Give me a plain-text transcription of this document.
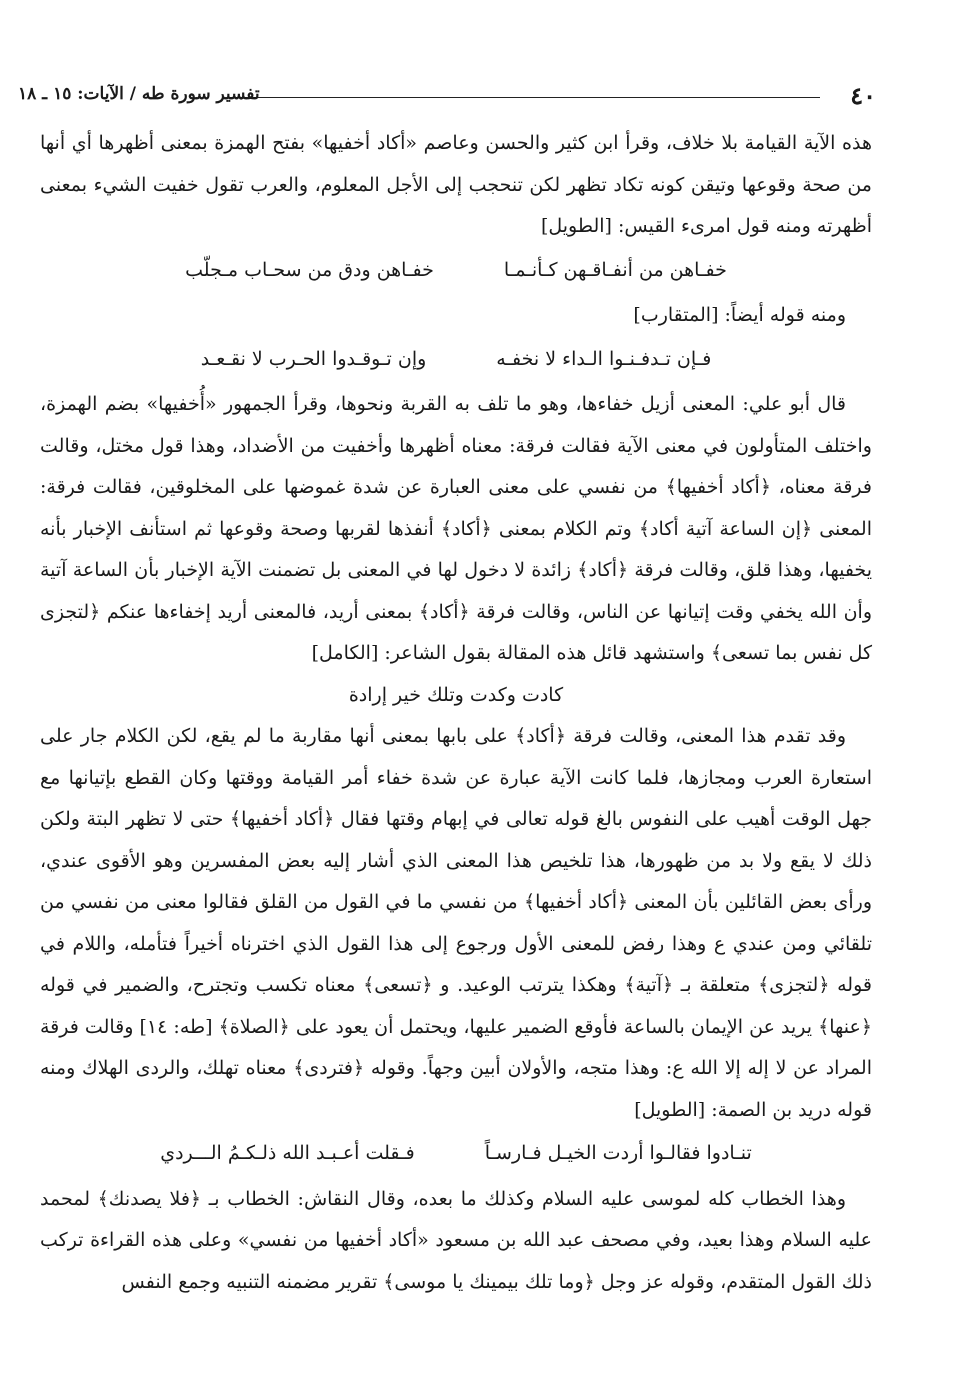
٤٠
تفسير سورة طه / الآيات: ١٥ ـ ١٨

هذه الآية القيامة بلا خلاف، وقرأ ابن كثير والحسن وعاصم «أكاد أخفيها» بفتح الهمزة بمعنى أظهرها أي أنها من صحة وقوعها وتيقن كونه تكاد تظهر لكن تنحجب إلى الأجل المعلوم، والعرب تقول خفيت الشيء بمعنى أظهرته ومنه قول امرىء القيس: [الطويل]

خفـاهن من أنفـاقـهن كـأنـمـا
خفـاهن ودق من سحـاب مـجلّب

ومنه قوله أيضاً: [المتقارب]

فـإن تـدفـنـوا الـداء لا نخفـه
وإن تـوقـدوا الحـرب لا نقـعـد

قال أبو علي: المعنى أزيل خفاءها، وهو ما تلف به القربة ونحوها، وقرأ الجمهور «أُخفيها» بضم الهمزة، واختلف المتأولون في معنى الآية فقالت فرقة: معناه أظهرها وأخفيت من الأضداد، وهذا قول مختل، وقالت فرقة معناه، ﴿أكاد أخفيها﴾ من نفسي على معنى العبارة عن شدة غموضها على المخلوقين، فقالت فرقة: المعنى ﴿إن الساعة آتية أكاد﴾ وتم الكلام بمعنى ﴿أكاد﴾ أنفذها لقربها وصحة وقوعها ثم استأنف الإخبار بأنه يخفيها، وهذا قلق، وقالت فرقة ﴿أكاد﴾ زائدة لا دخول لها في المعنى بل تضمنت الآية الإخبار بأن الساعة آتية وأن الله يخفي وقت إتيانها عن الناس، وقالت فرقة ﴿أكاد﴾ بمعنى أريد، فالمعنى أريد إخفاءها عنكم ﴿لتجزى كل نفس بما تسعى﴾ واستشهد قائل هذه المقالة بقول الشاعر: [الكامل]

كادت وكدت وتلك خير إرادة

وقد تقدم هذا المعنى، وقالت فرقة ﴿أكاد﴾ على بابها بمعنى أنها مقاربة ما لم يقع، لكن الكلام جار على استعارة العرب ومجازها، فلما كانت الآية عبارة عن شدة خفاء أمر القيامة ووقتها وكان القطع بإتيانها مع جهل الوقت أهيب على النفوس بالغ قوله تعالى في إبهام وقتها فقال ﴿أكاد أخفيها﴾ حتى لا تظهر البتة ولكن ذلك لا يقع ولا بد من ظهورها، هذا تلخيص هذا المعنى الذي أشار إليه بعض المفسرين وهو الأقوى عندي، ورأى بعض القائلين بأن المعنى ﴿أكاد أخفيها﴾ من نفسي ما في القول من القلق فقالوا معنى من نفسي من تلقائي ومن عندي ع وهذا رفض للمعنى الأول ورجوع إلى هذا القول الذي اخترناه أخيراً فتأمله، واللام في قوله ﴿لتجزى﴾ متعلقة بـ ﴿آتية﴾ وهكذا يترتب الوعيد. و ﴿تسعى﴾ معناه تكسب وتجترح، والضمير في قوله ﴿عنها﴾ يريد عن الإيمان بالساعة فأوقع الضمير عليها، ويحتمل أن يعود على ﴿الصلاة﴾ [طه: ١٤] وقالت فرقة المراد عن لا إله إلا الله ع: وهذا متجه، والأولان أبين وجهاً. وقوله ﴿فتردى﴾ معناه تهلك، والردى الهلاك ومنه قوله دريد بن الصمة: [الطويل]

تنـادوا فقالـوا أردت الخيـل فـارسـاً
فـقلت أعـبـد الله ذلـكـمُ الـــردي

وهذا الخطاب كله لموسى عليه السلام وكذلك ما بعده، وقال النقاش: الخطاب بـ ﴿فلا يصدنك﴾ لمحمد عليه السلام وهذا بعيد، وفي مصحف عبد الله بن مسعود «أكاد أخفيها من نفسي» وعلى هذه القراءة تركب ذلك القول المتقدم، وقوله عز وجل ﴿وما تلك بيمينك يا موسى﴾ تقرير مضمنه التنبيه وجمع النفس
